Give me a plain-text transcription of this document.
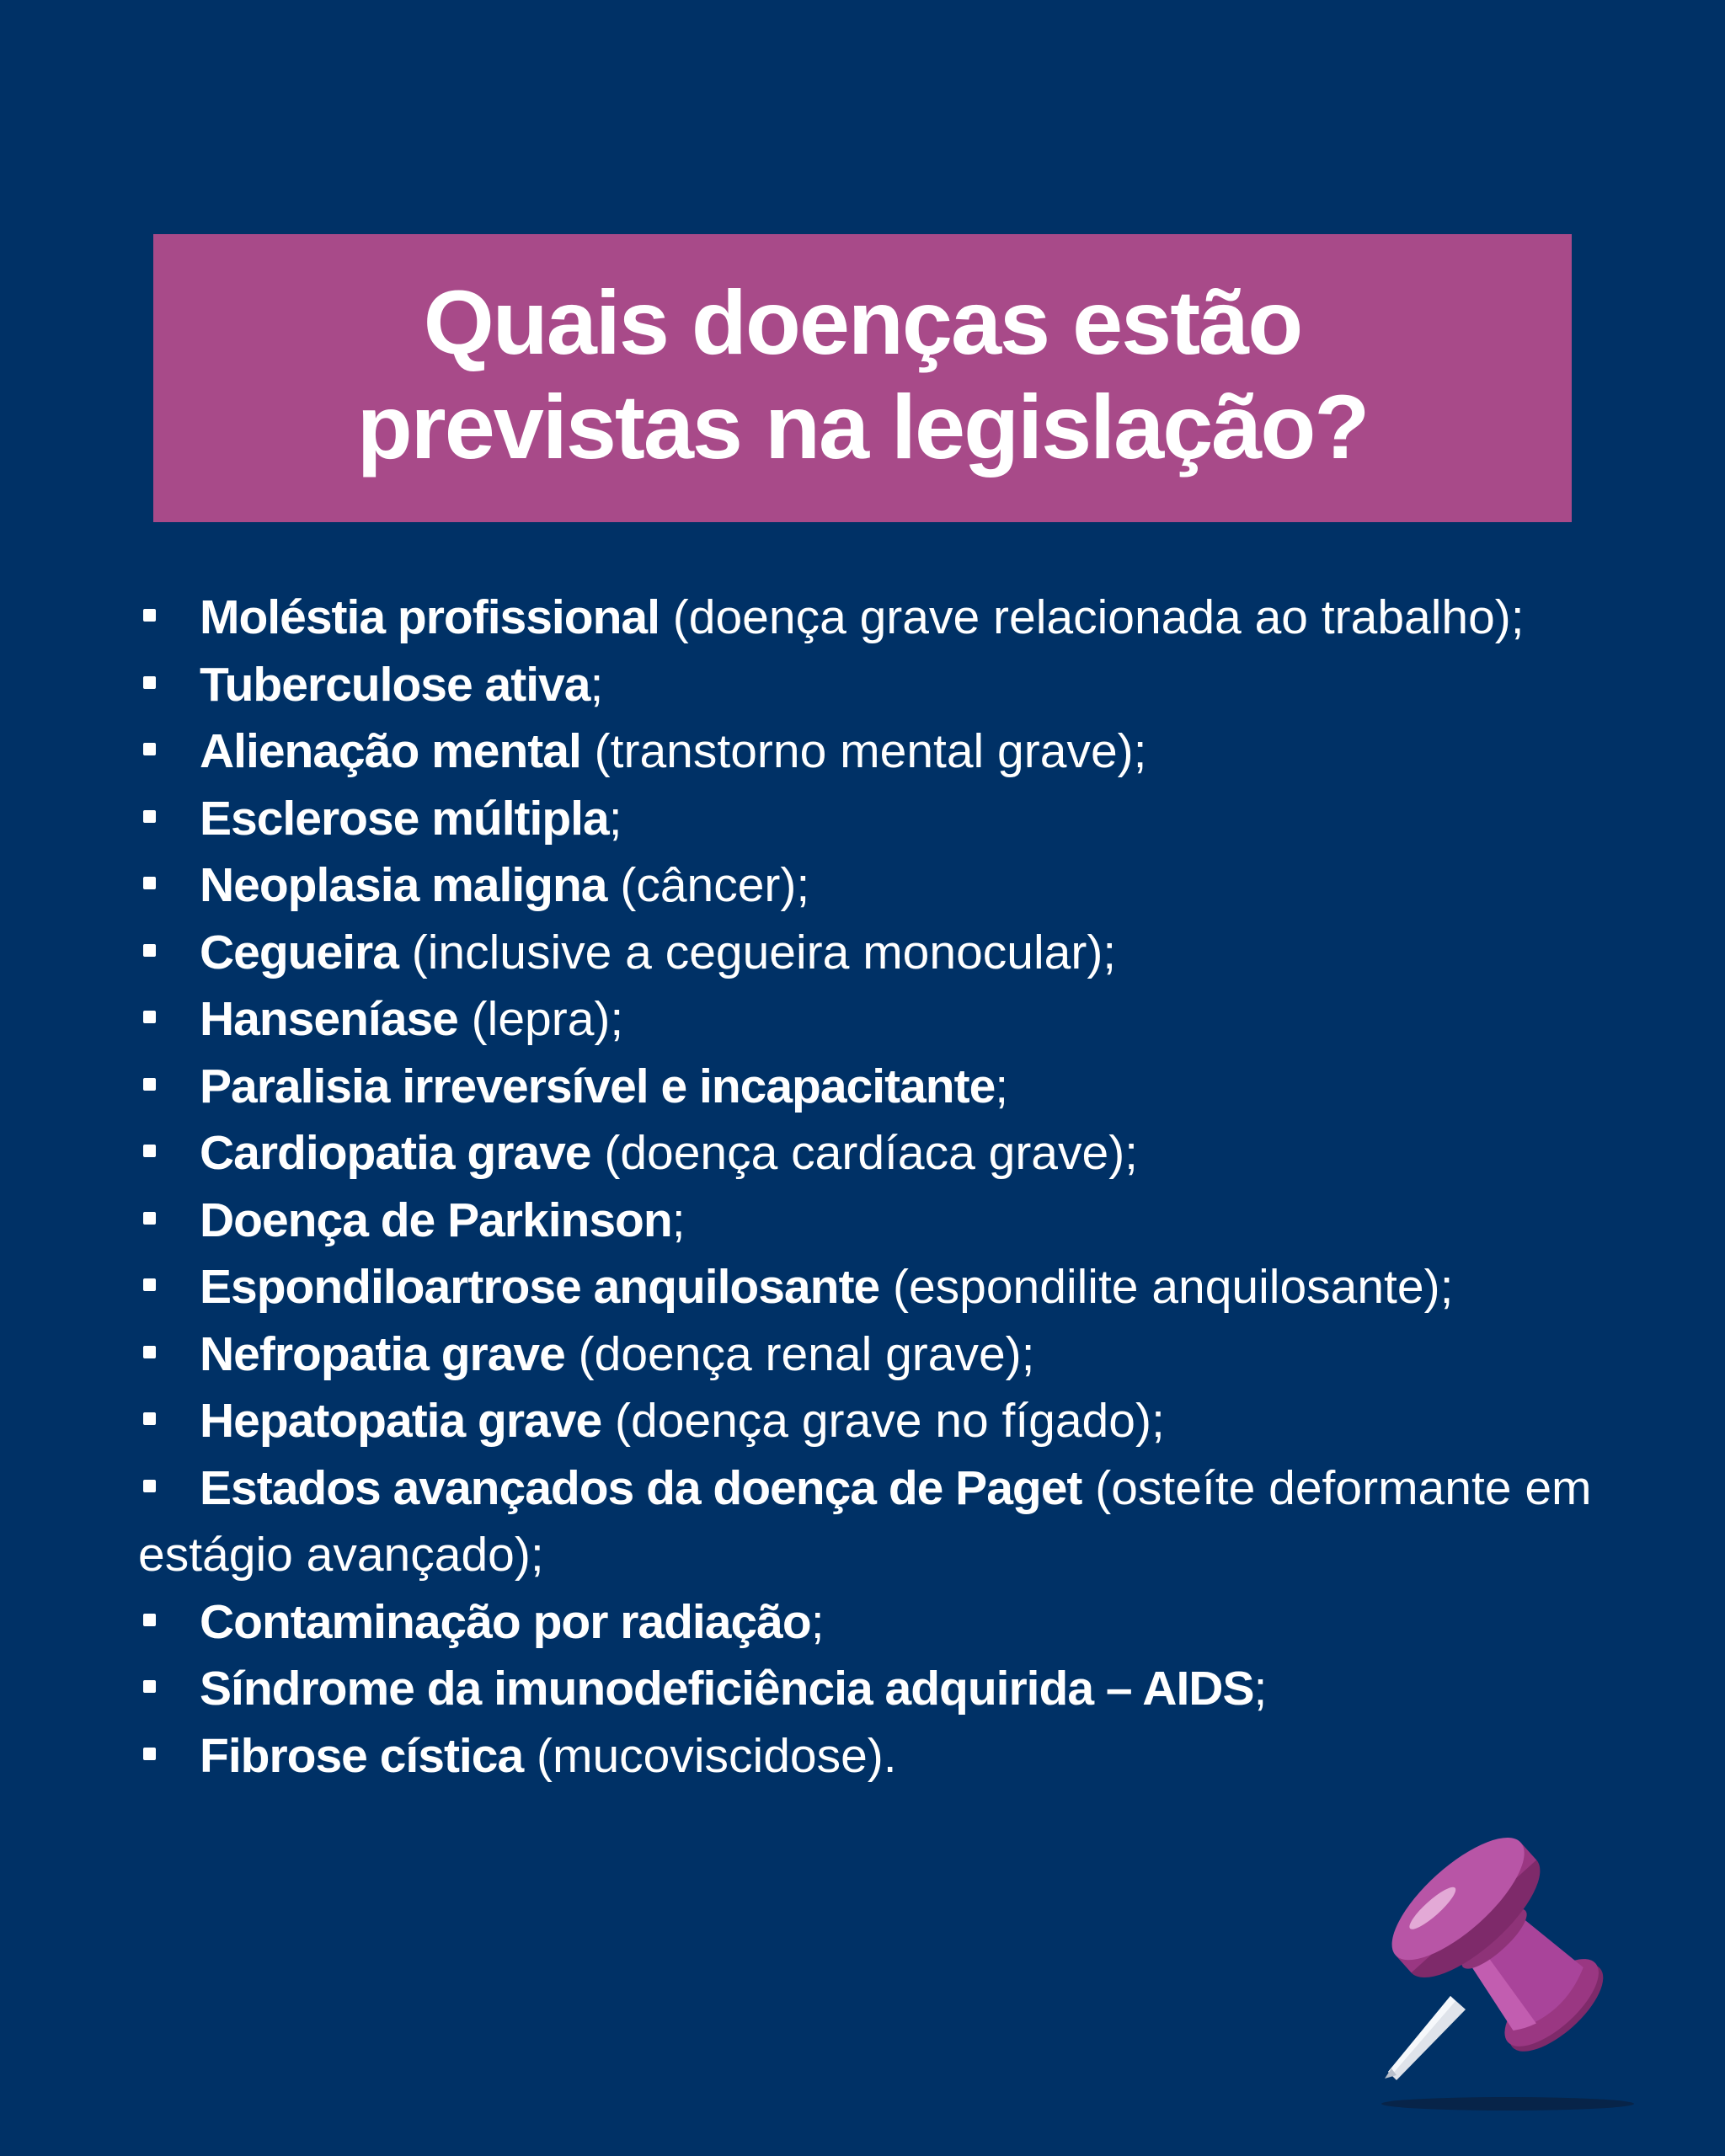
Quais doenças estão
previstas na legislação?
Moléstia profissional (doença grave relacionada ao trabalho);
Tuberculose ativa;
Alienação mental (transtorno mental grave);
Esclerose múltipla;
Neoplasia maligna (câncer);
Cegueira (inclusive a cegueira monocular);
Hanseníase (lepra);
Paralisia irreversível e incapacitante;
Cardiopatia grave (doença cardíaca grave);
Doença de Parkinson;
Espondiloartrose anquilosante (espondilite anquilosante);
Nefropatia grave (doença renal grave);
Hepatopatia grave (doença grave no fígado);
Estados avançados da doença de Paget (osteíte deformante em estágio avançado);
Contaminação por radiação;
Síndrome da imunodeficiência adquirida – AIDS;
Fibrose cística (mucoviscidose).
